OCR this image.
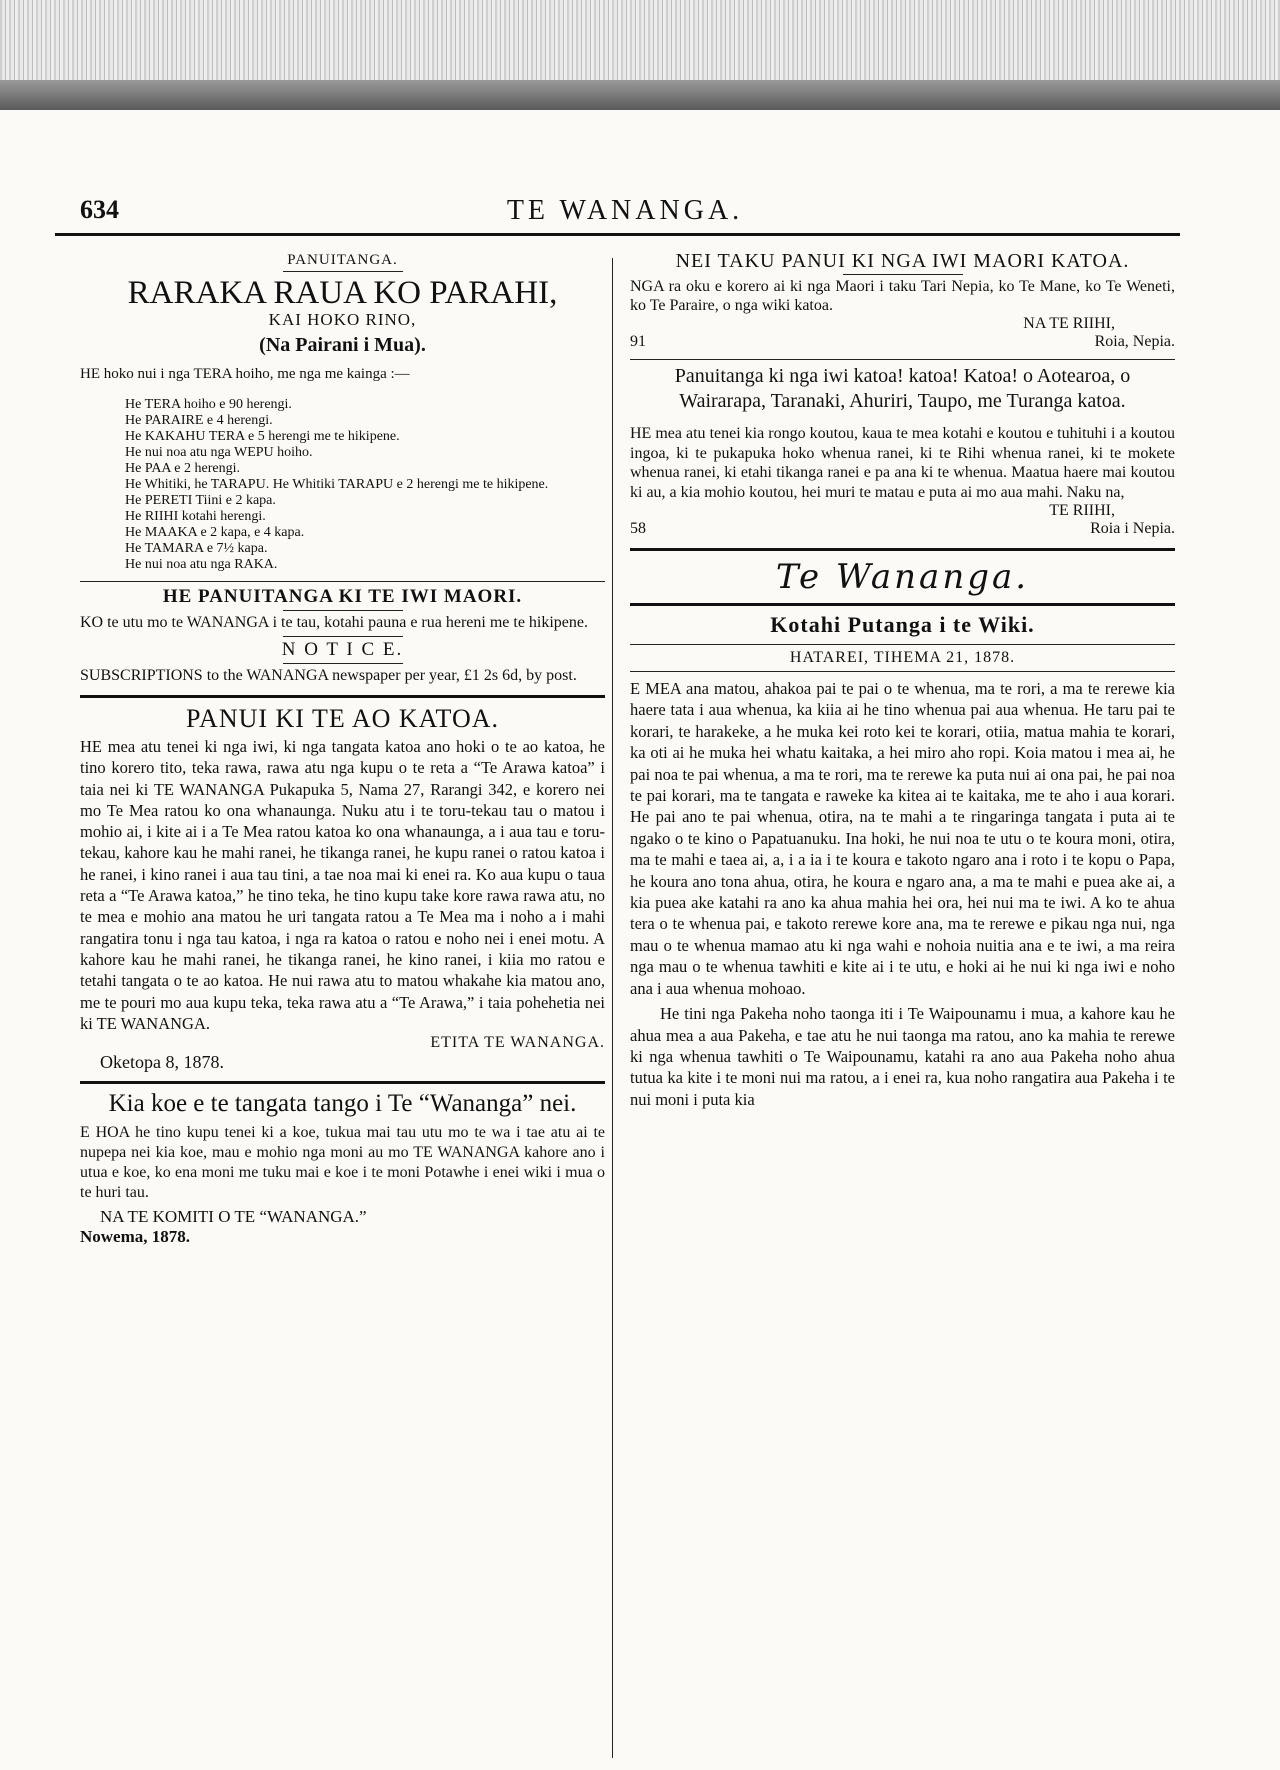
634	TE WANANGA.

PANUITANGA.

RARAKA RAUA KO PARAHI,

KAI HOKO RINO,

(Na Pairani i Mua).

HE hoko nui i nga TERA hoiho, me nga me kainga :—

He TERA hoiho e 90 herengi.
He PARAIRE e 4 herengi.
He KAKAHU TERA e 5 herengi me te hikipene.
He nui noa atu nga WEPU hoiho.
He PAA e 2 herengi.
He Whitiki, he TARAPU. He Whitiki TARAPU e 2 herengi me te hikipene.
He PERETI Tiini e 2 kapa.
He RIIHI kotahi herengi.
He MAAKA e 2 kapa, e 4 kapa.
He TAMARA e 7½ kapa.
He nui noa atu nga RAKA.

HE PANUITANGA KI TE IWI MAORI.

KO te utu mo te WANANGA i te tau, kotahi pauna e rua hereni me te hikipene.

N O T I C E.

SUBSCRIPTIONS to the WANANGA newspaper per year, £1 2s 6d, by post.

PANUI KI TE AO KATOA.

HE mea atu tenei ki nga iwi, ki nga tangata katoa ano hoki o te ao katoa, he tino korero tito, teka rawa, rawa atu nga kupu o te reta a “Te Arawa katoa” i taia nei ki TE WANANGA Pukapuka 5, Nama 27, Rarangi 342, e korero nei mo Te Mea ratou ko ona whanaunga. Nuku atu i te toru-tekau tau o matou i mohio ai, i kite ai i a Te Mea ratou katoa ko ona whanaunga, a i aua tau e toru-tekau, kahore kau he mahi ranei, he tikanga ranei, he kupu ranei o ratou katoa i he ranei, i kino ranei i aua tau tini, a tae noa mai ki enei ra. Ko aua kupu o taua reta a “Te Arawa katoa,” he tino teka, he tino kupu take kore rawa rawa atu, no te mea e mohio ana matou he uri tangata ratou a Te Mea ma i noho a i mahi rangatira tonu i nga tau katoa, i nga ra katoa o ratou e noho nei i enei motu. A kahore kau he mahi ranei, he tikanga ranei, he kino ranei, i kiia mo ratou e tetahi tangata o te ao katoa. He nui rawa atu to matou whakahe kia matou ano, me te pouri mo aua kupu teka, teka rawa atu a “Te Arawa,” i taia pohehetia nei ki TE WANANGA.

ETITA TE WANANGA.

Oketopa 8, 1878.

Kia koe e te tangata tango i Te “Wananga” nei.

E HOA he tino kupu tenei ki a koe, tukua mai tau utu mo te wa i tae atu ai te nupepa nei kia koe, mau e mohio nga moni au mo TE WANANGA kahore ano i utua e koe, ko ena moni me tuku mai e koe i te moni Potawhe i enei wiki i mua o te huri tau.

NA TE KOMITI O TE “WANANGA.”

Nowema, 1878.

NEI TAKU PANUI KI NGA IWI MAORI KATOA.

NGA ra oku e korero ai ki nga Maori i taku Tari Nepia, ko Te Mane, ko Te Weneti, ko Te Paraire, o nga wiki katoa.

NA TE RIIHI,

91	Roia, Nepia.

Panuitanga ki nga iwi katoa! katoa! Katoa! o Aotearoa, o Wairarapa, Taranaki, Ahuriri, Taupo, me Turanga katoa.

HE mea atu tenei kia rongo koutou, kaua te mea kotahi e koutou e tuhituhi i a koutou ingoa, ki te pukapuka hoko whenua ranei, ki te Rihi whenua ranei, ki te mokete whenua ranei, ki etahi tikanga ranei e pa ana ki te whenua. Maatua haere mai koutou ki au, a kia mohio koutou, hei muri te matau e puta ai mo aua mahi. Naku na,

TE RIIHI,

58	Roia i Nepia.

Te Wananga.

Kotahi Putanga i te Wiki.

HATAREI, TIHEMA 21, 1878.

E MEA ana matou, ahakoa pai te pai o te whenua, ma te rori, a ma te rerewe kia haere tata i aua whenua, ka kiia ai he tino whenua pai aua whenua. He taru pai te korari, te harakeke, a he muka kei roto kei te korari, otiia, matua mahia te korari, ka oti ai he muka hei whatu kaitaka, a hei miro aho ropi. Koia matou i mea ai, he pai noa te pai whenua, a ma te rori, ma te rerewe ka puta nui ai ona pai, he pai noa te pai korari, ma te tangata e raweke ka kitea ai te kaitaka, me te aho i aua korari. He pai ano te pai whenua, otira, na te mahi a te ringaringa tangata i puta ai te ngako o te kino o Papatuanuku. Ina hoki, he nui noa te utu o te koura moni, otira, ma te mahi e taea ai, a, i a ia i te koura e takoto ngaro ana i roto i te kopu o Papa, he koura ano tona ahua, otira, he koura e ngaro ana, a ma te mahi e puea ake ai, a kia puea ake katahi ra ano ka ahua mahia hei ora, hei nui ma te iwi. A ko te ahua tera o te whenua pai, e takoto rerewe kore ana, ma te rerewe e pikau nga nui, nga mau o te whenua mamao atu ki nga wahi e nohoia nuitia ana e te iwi, a ma reira nga mau o te whenua tawhiti e kite ai i te utu, e hoki ai he nui ki nga iwi e noho ana i aua whenua mohoao.

He tini nga Pakeha noho taonga iti i Te Waipounamu i mua, a kahore kau he ahua mea a aua Pakeha, e tae atu he nui taonga ma ratou, ano ka mahia te rerewe ki nga whenua tawhiti o Te Waipounamu, katahi ra ano aua Pakeha noho ahua tutua ka kite i te moni nui ma ratou, a i enei ra, kua noho rangatira aua Pakeha i te nui moni i puta kia
